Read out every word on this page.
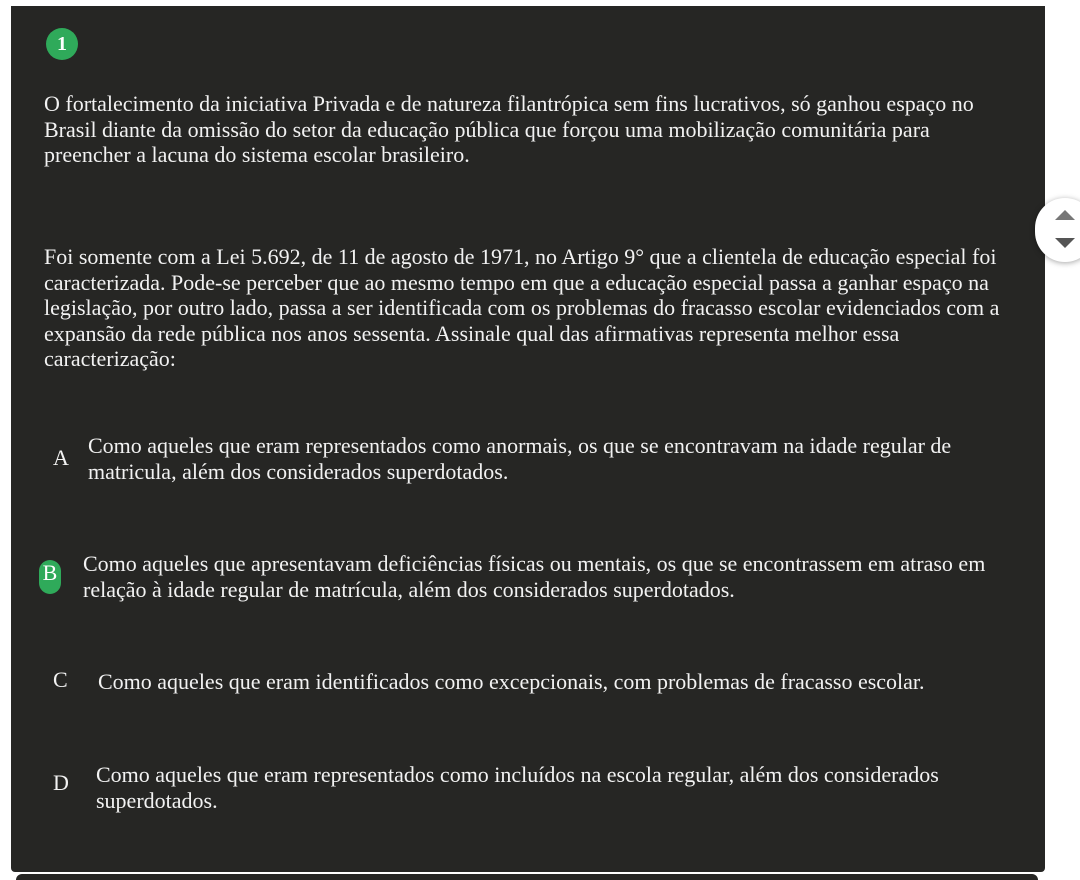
1

O fortalecimento da iniciativa Privada e de natureza filantrópica sem fins lucrativos, só ganhou espaço no Brasil diante da omissão do setor da educação pública que forçou uma mobilização comunitária para preencher a lacuna do sistema escolar brasileiro.

Foi somente com a Lei 5.692, de 11 de agosto de 1971, no Artigo 9° que a clientela de educação especial foi caracterizada. Pode-se perceber que ao mesmo tempo em que a educação especial passa a ganhar espaço na legislação, por outro lado, passa a ser identificada com os problemas do fracasso escolar evidenciados com a expansão da rede pública nos anos sessenta. Assinale qual das afirmativas representa melhor essa caracterização:

A Como aqueles que eram representados como anormais, os que se encontravam na idade regular de matricula, além dos considerados superdotados.

B Como aqueles que apresentavam deficiências físicas ou mentais, os que se encontrassem em atraso em relação à idade regular de matrícula, além dos considerados superdotados.

C Como aqueles que eram identificados como excepcionais, com problemas de fracasso escolar.

D Como aqueles que eram representados como incluídos na escola regular, além dos considerados superdotados.
